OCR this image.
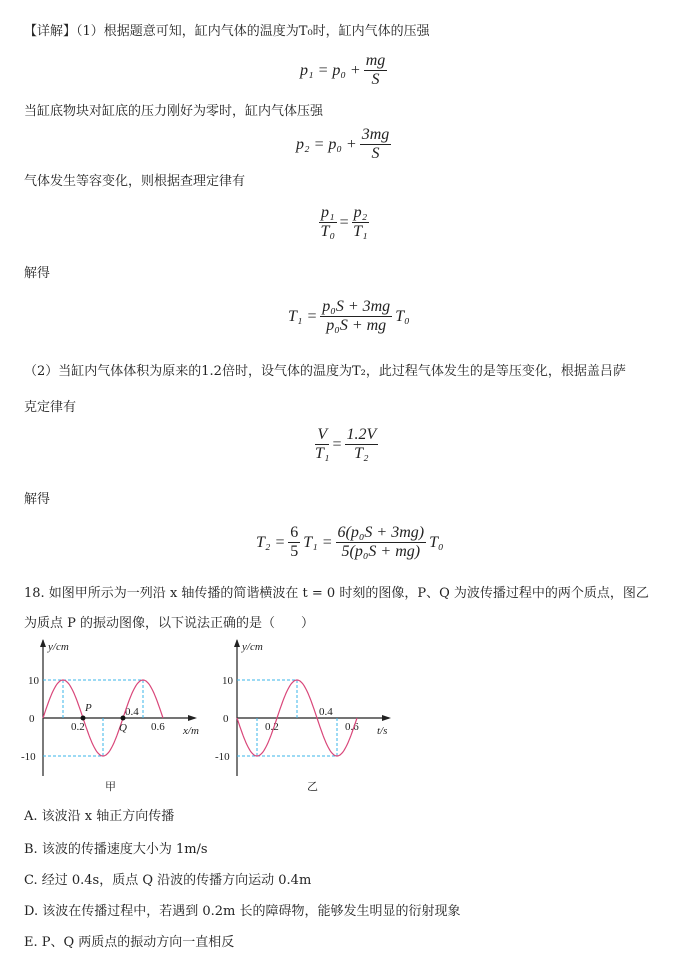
【详解】（1）根据题意可知，缸内气体的温度为T₀时，缸内气体的压强
$p_1 = p_0 + \frac{mg}{S}$
当缸底物块对缸底的压力刚好为零时，缸内气体压强
$p_2 = p_0 + \frac{3mg}{S}$
气体发生等容变化，则根据查理定律有
$\frac{\text{p₁}}{\text{T₀}} = \frac{\text{p₂}}{\text{T₁}}$
解得
$T_1 = \frac{\text{p₀S + 3mg}}{\text{p₀S + mg}} T_0$
（2）当缸内气体体积为原来的1.2倍时，设气体的温度为T₂，此过程气体发生的是等压变化，根据盖吕萨
克定律有
$\frac{V}{\text{T₁}} = \frac{1.2V}{\text{T₂}}$
解得
$T_2 = \frac{6}{5} T_1 = \frac{\text{6(p₀S + 3mg)}}{\text{5(p₀S + mg)}} T_0$
18. 如图甲所示为一列沿 x 轴传播的简谐横波在 t = 0 时刻的图像，P、Q 为波传播过程中的两个质点，图乙
为质点 P 的振动图像，以下说法正确的是（　　）
y/cm
x/m
0
10
-10
0.2
0.4
0.6
P
Q
甲
y/cm
t/s
0
10
-10
0.2
0.4
0.6
乙
A. 该波沿 x 轴正方向传播
B. 该波的传播速度大小为 1m/s
C. 经过 0.4s，质点 Q 沿波的传播方向运动 0.4m
D. 该波在传播过程中，若遇到 0.2m 长的障碍物，能够发生明显的衍射现象
E. P、Q 两质点的振动方向一直相反
